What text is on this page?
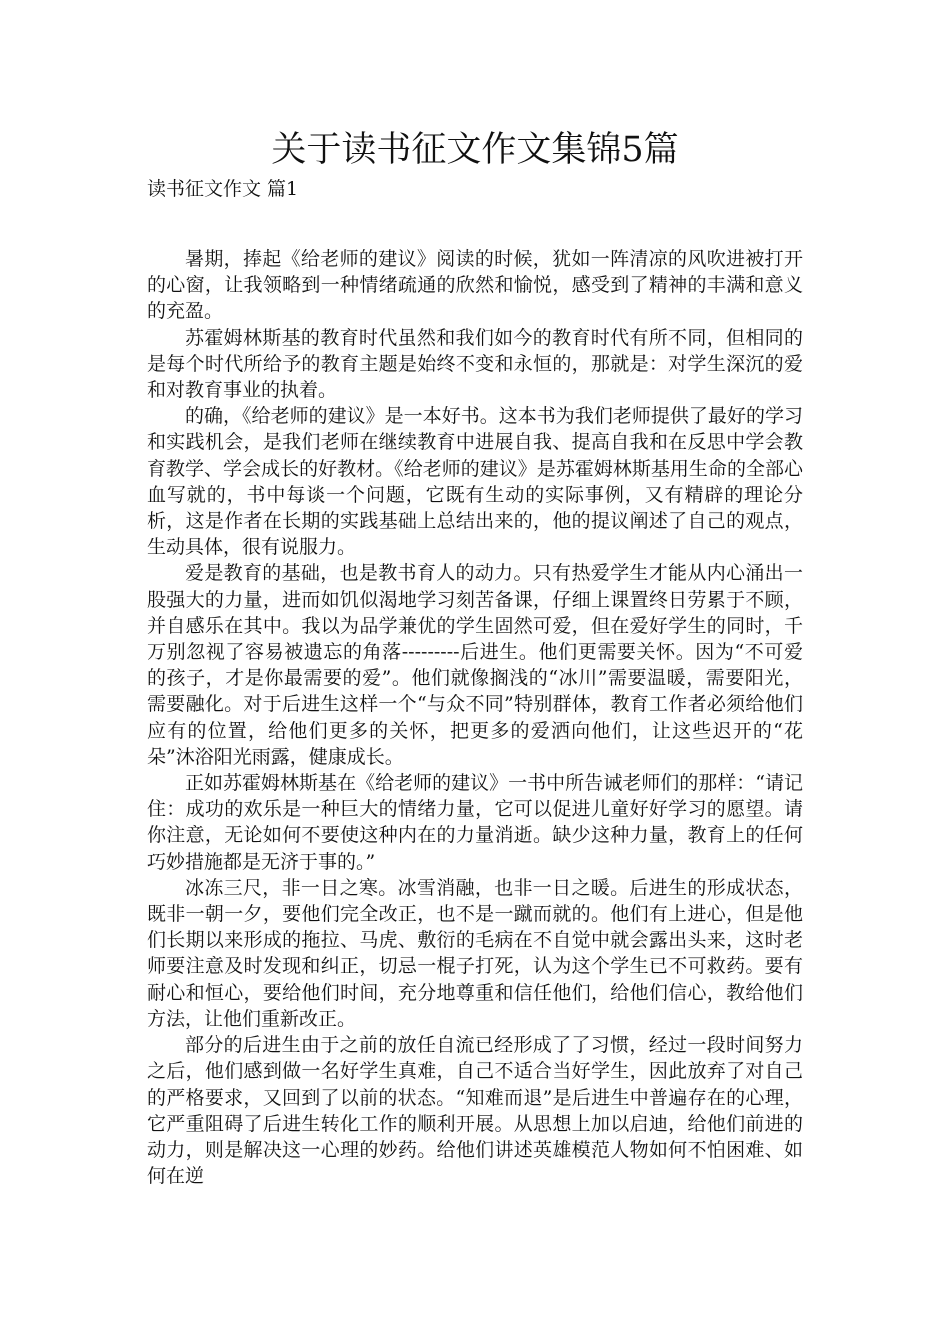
关于读书征文作文集锦5篇
读书征文作文 篇1

暑期，捧起《给老师的建议》阅读的时候，犹如一阵清凉的风吹进被打开的心窗，让我领略到一种情绪疏通的欣然和愉悦，感受到了精神的丰满和意义的充盈。

苏霍姆林斯基的教育时代虽然和我们如今的教育时代有所不同，但相同的是每个时代所给予的教育主题是始终不变和永恒的，那就是：对学生深沉的爱和对教育事业的执着。

的确，《给老师的建议》是一本好书。这本书为我们老师提供了最好的学习和实践机会，是我们老师在继续教育中进展自我、提高自我和在反思中学会教育教学、学会成长的好教材。《给老师的建议》是苏霍姆林斯基用生命的全部心血写就的，书中每谈一个问题，它既有生动的实际事例，又有精辟的理论分析，这是作者在长期的实践基础上总结出来的，他的提议阐述了自己的观点，生动具体，很有说服力。

爱是教育的基础，也是教书育人的动力。只有热爱学生才能从内心涌出一股强大的力量，进而如饥似渴地学习刻苦备课，仔细上课置终日劳累于不顾，并自感乐在其中。我以为品学兼优的学生固然可爱，但在爱好学生的同时，千万别忽视了容易被遗忘的角落---------后进生。他们更需要关怀。因为“不可爱的孩子，才是你最需要的爱”。他们就像搁浅的“冰川”需要温暖，需要阳光，需要融化。对于后进生这样一个“与众不同”特别群体，教育工作者必须给他们应有的位置，给他们更多的关怀，把更多的爱洒向他们，让这些迟开的“花朵”沐浴阳光雨露，健康成长。

正如苏霍姆林斯基在《给老师的建议》一书中所告诫老师们的那样：“请记住：成功的欢乐是一种巨大的情绪力量，它可以促进儿童好好学习的愿望。请你注意，无论如何不要使这种内在的力量消逝。缺少这种力量，教育上的任何巧妙措施都是无济于事的。”

冰冻三尺，非一日之寒。冰雪消融，也非一日之暖。后进生的形成状态，既非一朝一夕，要他们完全改正，也不是一蹴而就的。他们有上进心，但是他们长期以来形成的拖拉、马虎、敷衍的毛病在不自觉中就会露出头来，这时老师要注意及时发现和纠正，切忌一棍子打死，认为这个学生已不可救药。要有耐心和恒心，要给他们时间，充分地尊重和信任他们，给他们信心，教给他们方法，让他们重新改正。

部分的后进生由于之前的放任自流已经形成了了习惯，经过一段时间努力之后，他们感到做一名好学生真难，自己不适合当好学生，因此放弃了对自己的严格要求，又回到了以前的状态。“知难而退”是后进生中普遍存在的心理，它严重阻碍了后进生转化工作的顺利开展。从思想上加以启迪，给他们前进的动力，则是解决这一心理的妙药。给他们讲述英雄模范人物如何不怕困难、如何在逆
